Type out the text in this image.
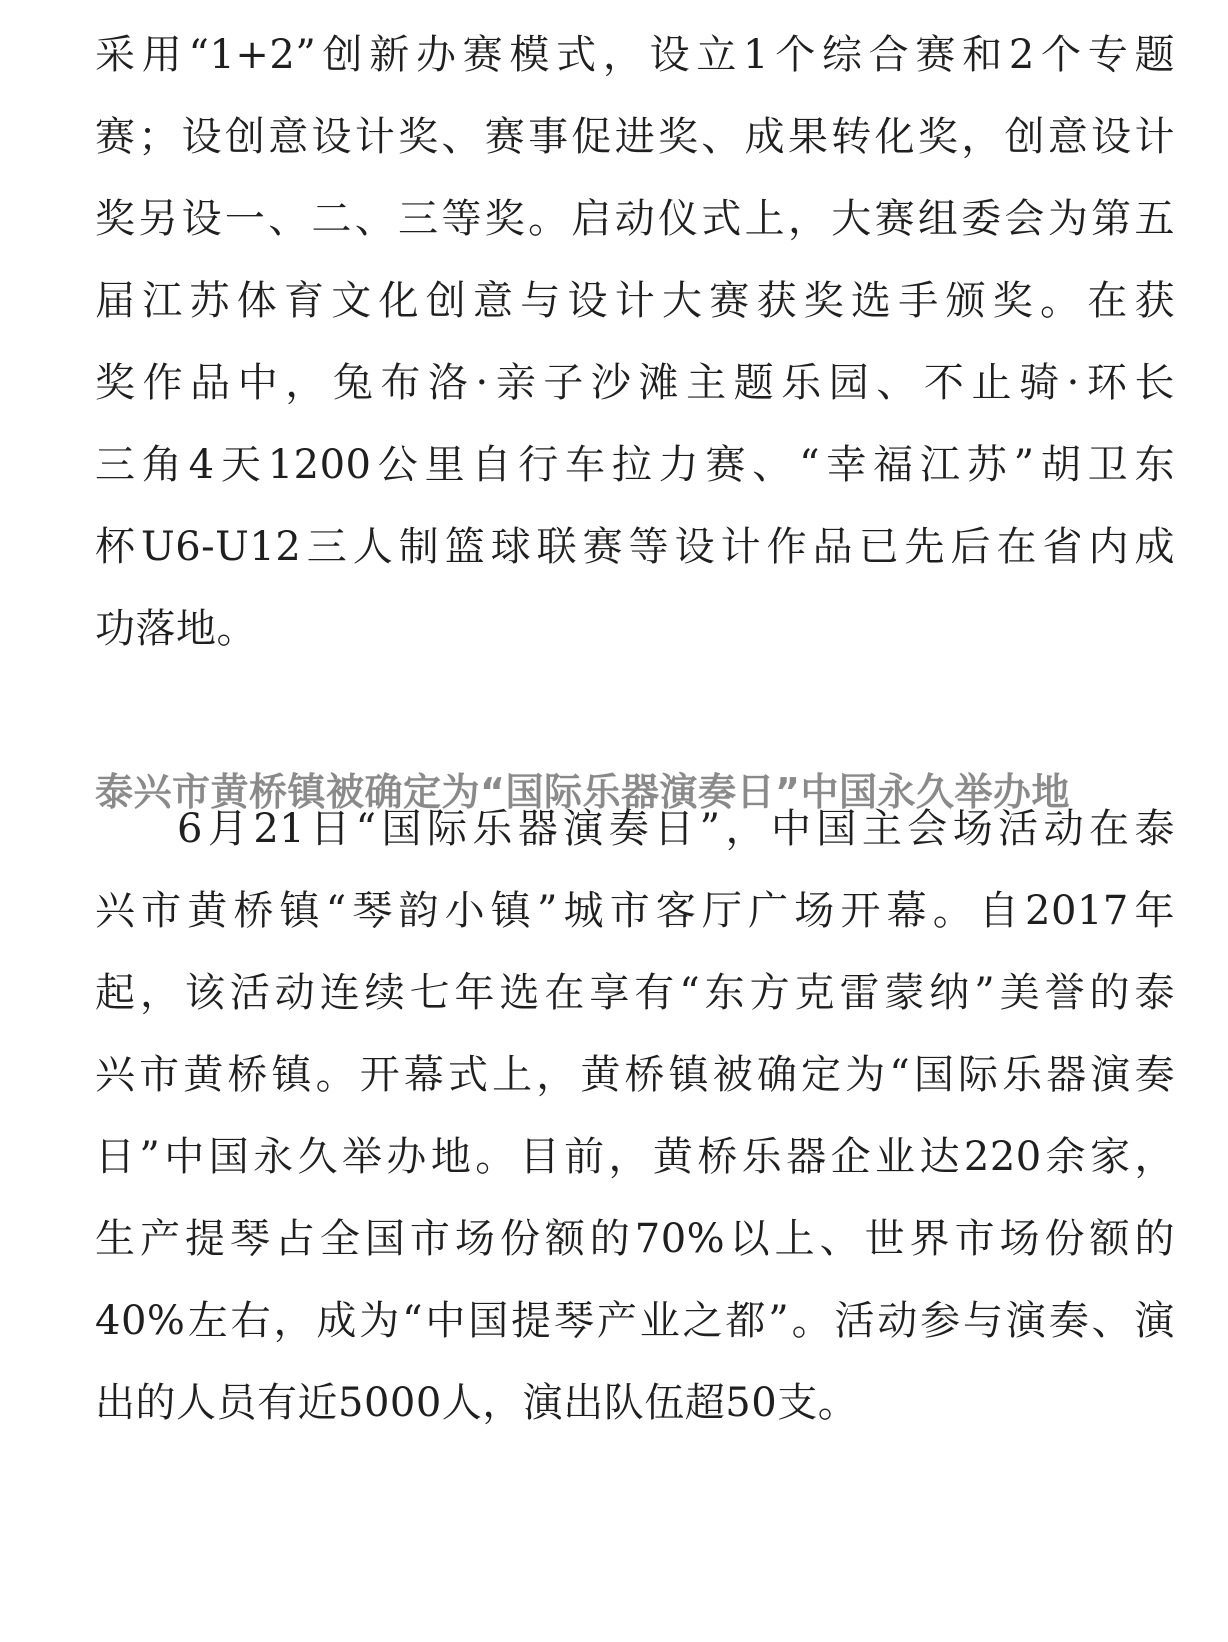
采用“1+2”创新办赛模式，设立1个综合赛和2个专题
赛；设创意设计奖、赛事促进奖、成果转化奖，创意设计
奖另设一、二、三等奖。启动仪式上，大赛组委会为第五
届江苏体育文化创意与设计大赛获奖选手颁奖。在获
奖作品中，兔布洛·亲子沙滩主题乐园、不止骑·环长
三角4天1200公里自行车拉力赛、“幸福江苏”胡卫东
杯U6-U12三人制篮球联赛等设计作品已先后在省内成
功落地。
泰兴市黄桥镇被确定为“国际乐器演奏日”中国永久举办地
6月21日“国际乐器演奏日”，中国主会场活动在泰
兴市黄桥镇“琴韵小镇”城市客厅广场开幕。自2017年
起，该活动连续七年选在享有“东方克雷蒙纳”美誉的泰
兴市黄桥镇。开幕式上，黄桥镇被确定为“国际乐器演奏
日”中国永久举办地。目前，黄桥乐器企业达220余家，
生产提琴占全国市场份额的70%以上、世界市场份额的
40%左右，成为“中国提琴产业之都”。活动参与演奏、演
出的人员有近5000人，演出队伍超50支。
